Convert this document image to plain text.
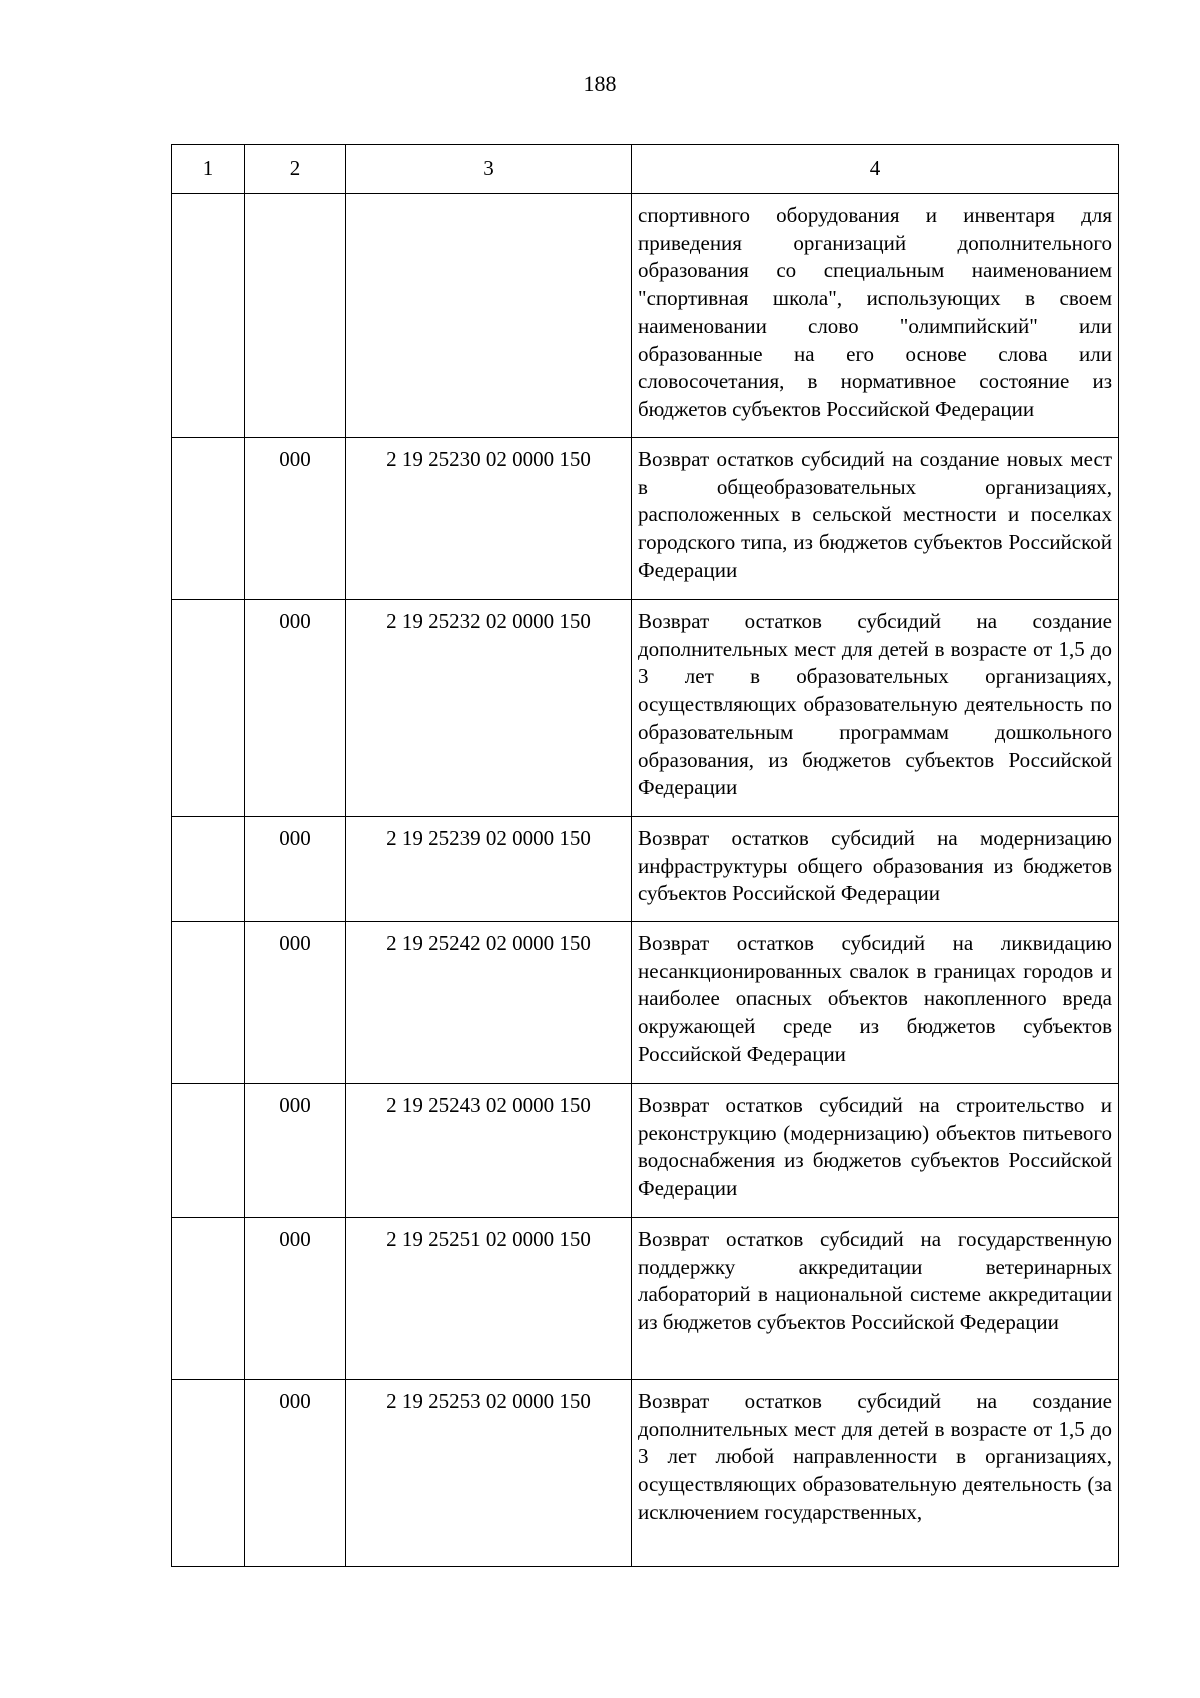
188
1	2	3	4
			спортивного оборудования и инвентаря для приведения организаций дополнительного образования со специальным наименованием "спортивная школа", использующих в своем наименовании слово "олимпийский" или образованные на его основе слова или словосочетания, в нормативное состояние из бюджетов субъектов Российской Федерации
	000	2 19 25230 02 0000 150	Возврат остатков субсидий на создание новых мест в общеобразовательных организациях, расположенных в сельской местности и поселках городского типа, из бюджетов субъектов Российской Федерации
	000	2 19 25232 02 0000 150	Возврат остатков субсидий на создание дополнительных мест для детей в возрасте от 1,5 до 3 лет в образовательных организациях, осуществляющих образовательную деятельность по образовательным программам дошкольного образования, из бюджетов субъектов Российской Федерации
	000	2 19 25239 02 0000 150	Возврат остатков субсидий на модернизацию инфраструктуры общего образования из бюджетов субъектов Российской Федерации
	000	2 19 25242 02 0000 150	Возврат остатков субсидий на ликвидацию несанкционированных свалок в границах городов и наиболее опасных объектов накопленного вреда окружающей среде из бюджетов субъектов Российской Федерации
	000	2 19 25243 02 0000 150	Возврат остатков субсидий на строительство и реконструкцию (модернизацию) объектов питьевого водоснабжения из бюджетов субъектов Российской Федерации
	000	2 19 25251 02 0000 150	Возврат остатков субсидий на государственную поддержку аккредитации ветеринарных лабораторий в национальной системе аккредитации из бюджетов субъектов Российской Федерации
	000	2 19 25253 02 0000 150	Возврат остатков субсидий на создание дополнительных мест для детей в возрасте от 1,5 до 3 лет любой направленности в организациях, осуществляющих образовательную деятельность (за исключением государственных,
